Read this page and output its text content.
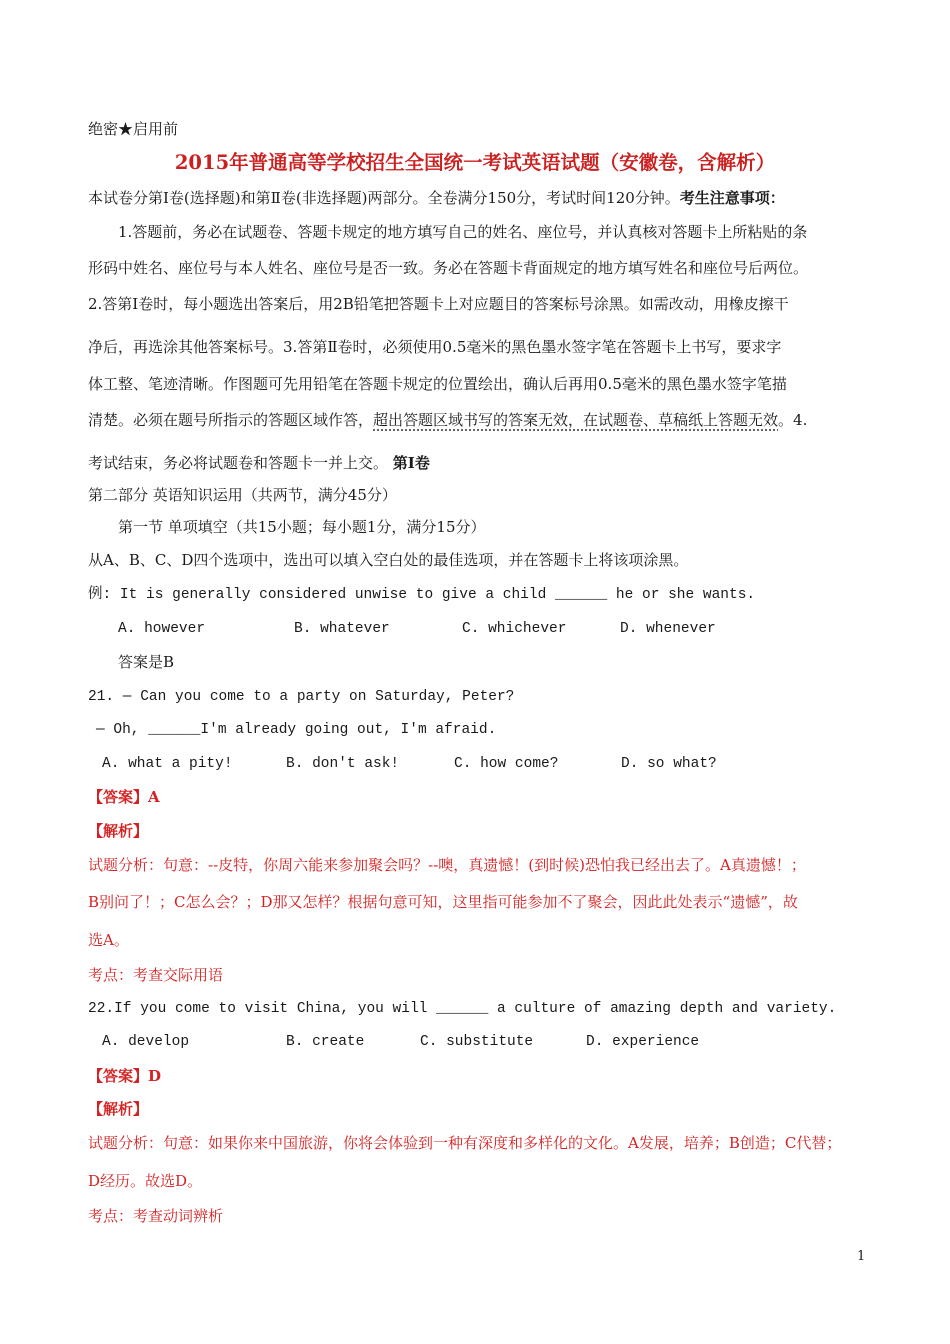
绝密★启用前
2015年普通高等学校招生全国统一考试英语试题（安徽卷，含解析）
本试卷分第Ⅰ卷(选择题)和第Ⅱ卷(非选择题)两部分。全卷满分150分，考试时间120分钟。考生注意事项：
1.答题前，务必在试题卷、答题卡规定的地方填写自己的姓名、座位号，并认真核对答题卡上所粘贴的条
形码中姓名、座位号与本人姓名、座位号是否一致。务必在答题卡背面规定的地方填写姓名和座位号后两位。
2.答第Ⅰ卷时，每小题选出答案后，用2B铅笔把答题卡上对应题目的答案标号涂黑。如需改动，用橡皮擦干
净后，再选涂其他答案标号。3.答第Ⅱ卷时，必须使用0.5毫米的黑色墨水签字笔在答题卡上书写，要求字
体工整、笔迹清晰。作图题可先用铅笔在答题卡规定的位置绘出，确认后再用0.5毫米的黑色墨水签字笔描
清楚。必须在题号所指示的答题区域作答，超出答题区域书写的答案无效，在试题卷、草稿纸上答题无效。4.
考试结束，务必将试题卷和答题卡一并上交。 第Ⅰ卷
第二部分 英语知识运用（共两节，满分45分）
第一节 单项填空（共15小题；每小题1分，满分15分）
从A、B、C、D四个选项中，选出可以填入空白处的最佳选项，并在答题卡上将该项涂黑。
例: It is generally considered unwise to give a child ______ he or she wants.
A. however	B. whatever	C. whichever	D. whenever
答案是B
21. — Can you come to a party on Saturday, Peter?
— Oh, ______I'm already going out, I'm afraid.
A. what a pity!	B. don't ask!	C. how come?	D. so what?
【答案】A
【解析】
试题分析：句意：--皮特，你周六能来参加聚会吗？--噢，真遗憾！(到时候)恐怕我已经出去了。A真遗憾！；
B别问了！；C怎么会？；D那又怎样？根据句意可知，这里指可能参加不了聚会，因此此处表示“遗憾”，故
选A。
考点：考查交际用语
22.If you come to visit China, you will ______ a culture of amazing depth and variety.
A. develop	B. create	C. substitute	D. experience
【答案】D
【解析】
试题分析：句意：如果你来中国旅游，你将会体验到一种有深度和多样化的文化。A发展，培养；B创造；C代替；
D经历。故选D。
考点：考查动词辨析
1
